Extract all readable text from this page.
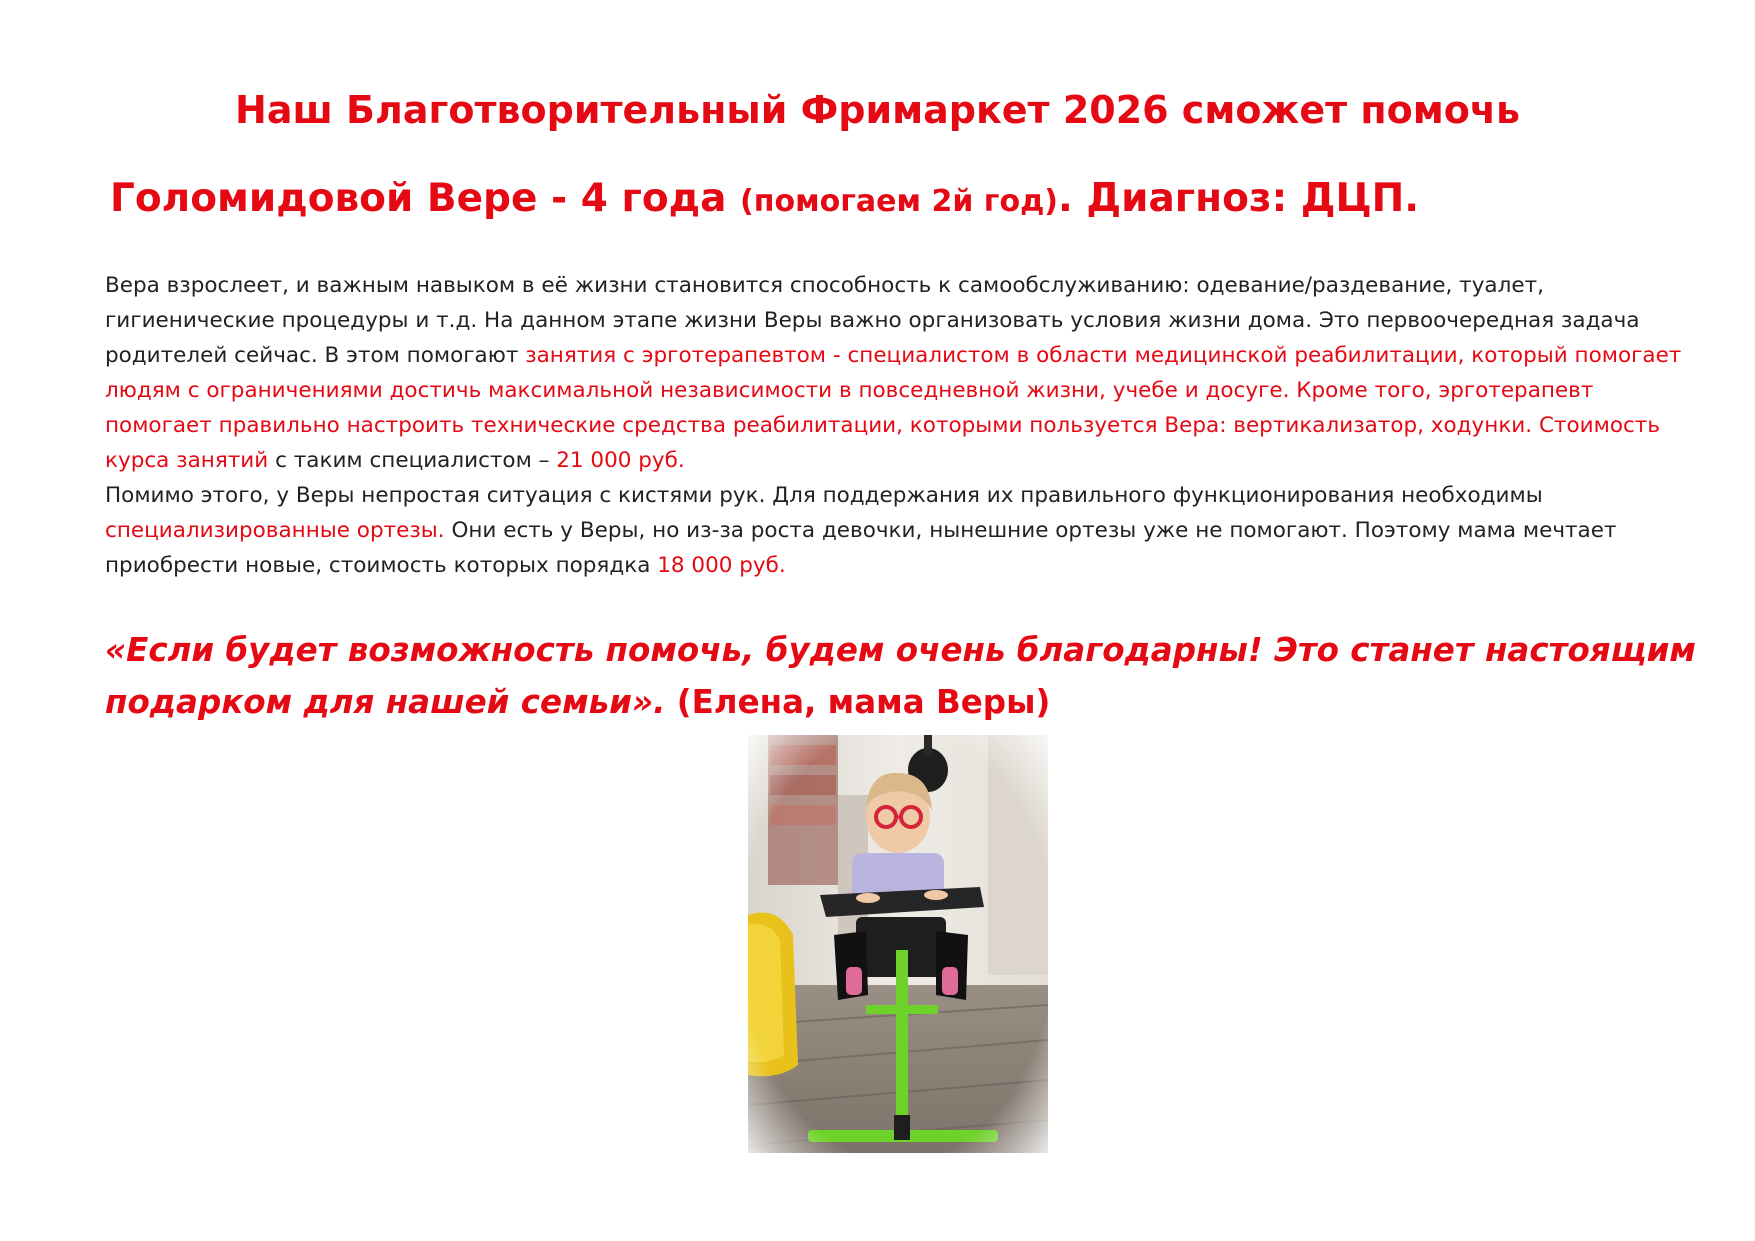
Наш Благотворительный Фримаркет 2026 сможет помочь
Голомидовой Вере - 4 года (помогаем 2й год). Диагноз: ДЦП.

Вера взрослеет, и важным навыком в её жизни становится способность к самообслуживанию: одевание/раздевание, туалет, гигиенические процедуры и т.д. На данном этапе жизни Веры важно организовать условия жизни дома. Это первоочередная задача родителей сейчас. В этом помогают занятия с эрготерапевтом - специалистом в области медицинской реабилитации, который помогает людям с ограничениями достичь максимальной независимости в повседневной жизни, учебе и досуге. Кроме того, эрготерапевт помогает правильно настроить технические средства реабилитации, которыми пользуется Вера: вертикализатор, ходунки. Стоимость курса занятий с таким специалистом – 21 000 руб.

Помимо этого, у Веры непростая ситуация с кистями рук. Для поддержания их правильного функционирования необходимы специализированные ортезы. Они есть у Веры, но из-за роста девочки, нынешние ортезы уже не помогают. Поэтому мама мечтает приобрести новые, стоимость которых порядка 18 000 руб.

«Если будет возможность помочь, будем очень благодарны! Это станет настоящим подарком для нашей семьи». (Елена, мама Веры)
